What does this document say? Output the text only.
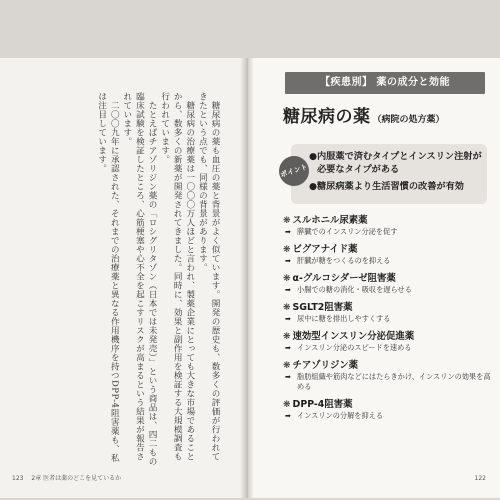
糖尿病の薬も血圧の薬と背景がよく似ています。開発の歴史も、数多くの評価が行われてきたという点でも、同様の背景があります。

糖尿病の治療薬は一〇〇〇万人ほどと言われ、製薬企業にとっても大きな市場であることから、数多くの新薬が開発されてきました。同時に、効果と副作用を検証する大規模調査も行われています。

たとえばチアゾリジン薬の「ロシグリタゾン（日本では未発売）」という商品は、四二もの臨床試験を検証したところ、心筋梗塞や心不全を起こすリスクが高まるという結果が報告されています。

二〇〇九年に承認された、それまでの治療薬と異なる作用機序を持つDPP-4阻害薬も、私は注目しています。

123 2章 医者は薬のどこを見ているか
【疾患別】 薬の成分と効能
糖尿病の薬 （病院の処方薬）
ポイント
● 内服薬で済むタイプとインスリン注射が必要なタイプがある
● 糖尿病薬より生活習慣の改善が有効
❋ スルホニル尿素薬
➡ 膵臓でのインスリン分泌を促す
❋ ビグアナイド薬
➡ 肝臓が糖をつくるのを抑える
❋ α-グルコシダーゼ阻害薬
➡ 小腸での糖の消化・吸収を遅らせる
❋ SGLT2阻害薬
➡ 尿中に糖を排出しやすくする
❋ 速効型インスリン分泌促進薬
➡ インスリン分泌のスピードを速める
❋ チアゾリジン薬
➡ 脂肪組織や筋肉などにはたらきかけ、インスリンの効果を高める
❋ DPP-4阻害薬
➡ インスリンの分解を抑える
122
